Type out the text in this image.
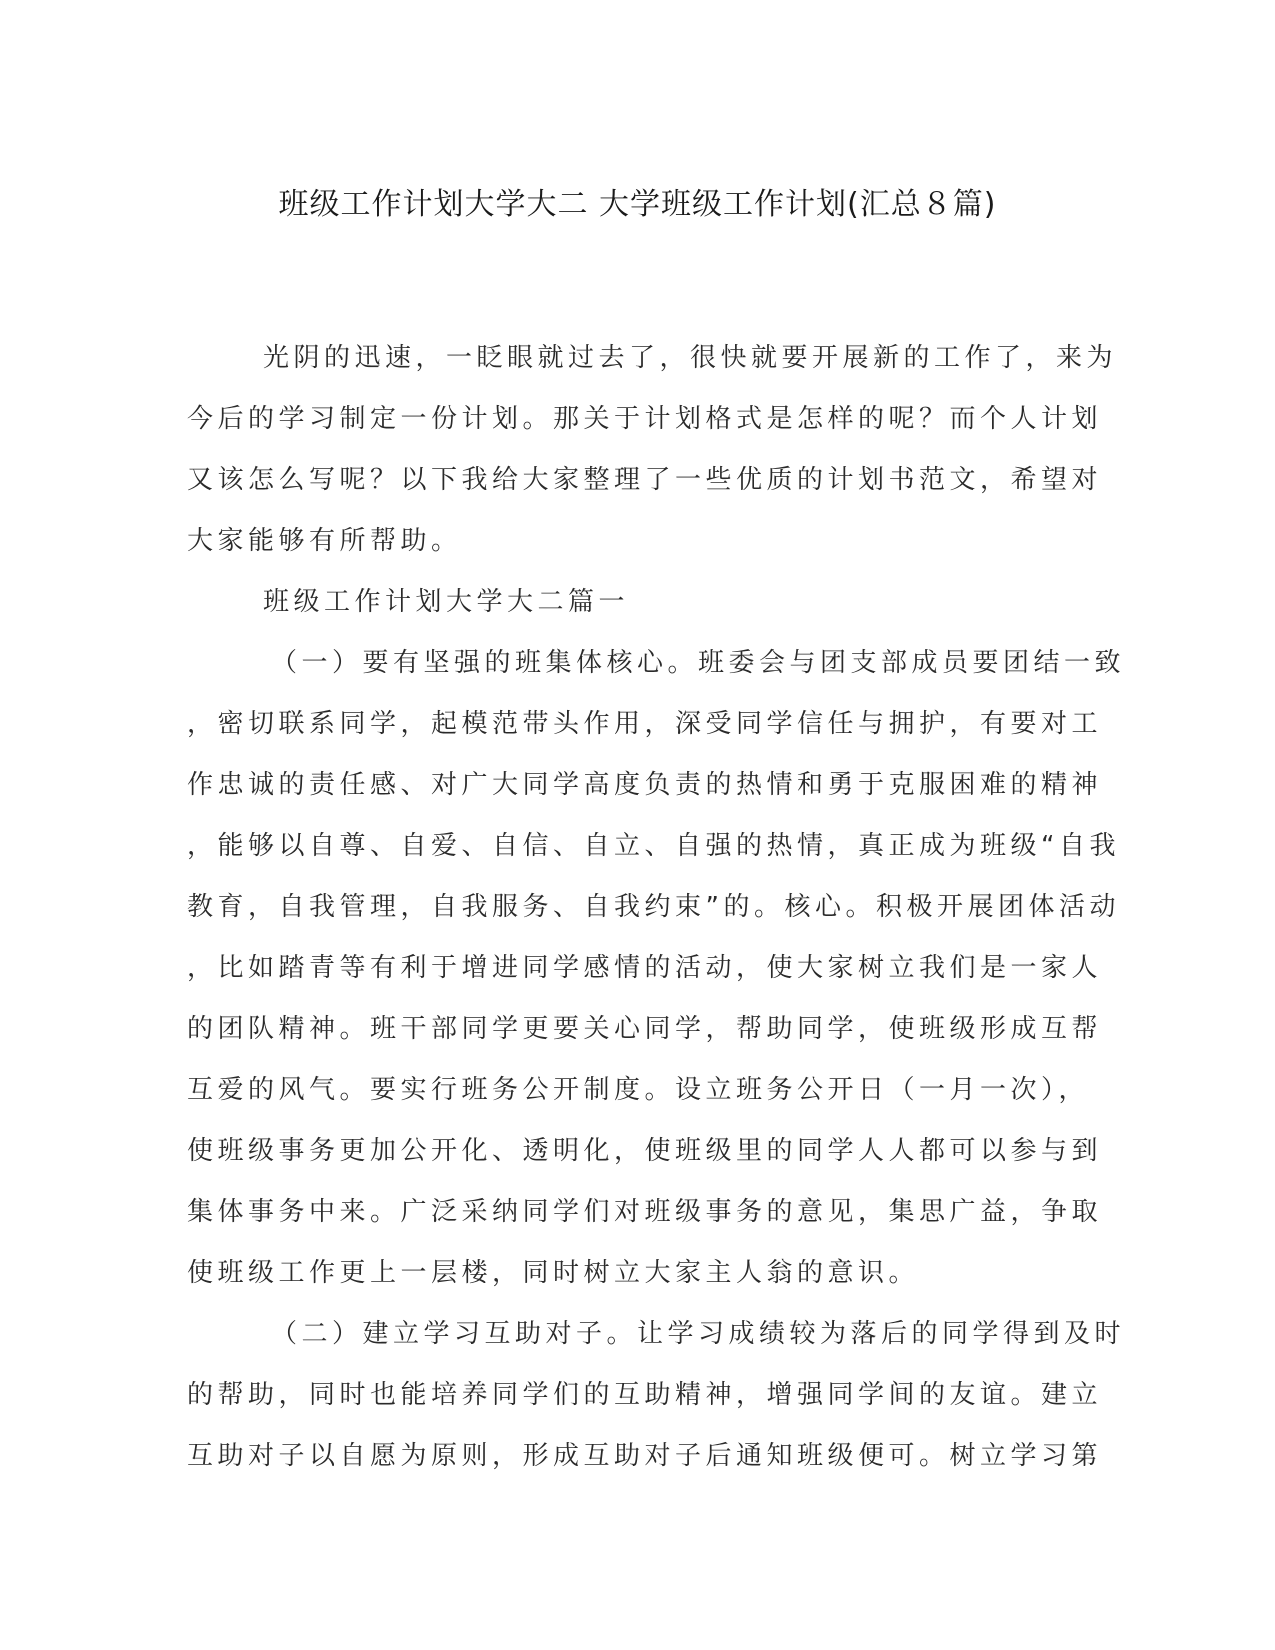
班级工作计划大学大二 大学班级工作计划(汇总８篇)
光阴的迅速，一眨眼就过去了，很快就要开展新的工作了，来为
今后的学习制定一份计划。那关于计划格式是怎样的呢？而个人计划
又该怎么写呢？以下我给大家整理了一些优质的计划书范文，希望对
大家能够有所帮助。
班级工作计划大学大二篇一
（一）要有坚强的班集体核心。班委会与团支部成员要团结一致
，密切联系同学，起模范带头作用，深受同学信任与拥护，有要对工
作忠诚的责任感、对广大同学高度负责的热情和勇于克服困难的精神
，能够以自尊、自爱、自信、自立、自强的热情，真正成为班级“自我
教育，自我管理，自我服务、自我约束”的。核心。积极开展团体活动
，比如踏青等有利于增进同学感情的活动，使大家树立我们是一家人
的团队精神。班干部同学更要关心同学，帮助同学，使班级形成互帮
互爱的风气。要实行班务公开制度。设立班务公开日（一月一次），
使班级事务更加公开化、透明化，使班级里的同学人人都可以参与到
集体事务中来。广泛采纳同学们对班级事务的意见，集思广益，争取
使班级工作更上一层楼，同时树立大家主人翁的意识。
（二）建立学习互助对子。让学习成绩较为落后的同学得到及时
的帮助，同时也能培养同学们的互助精神，增强同学间的友谊。建立
互助对子以自愿为原则，形成互助对子后通知班级便可。树立学习第
